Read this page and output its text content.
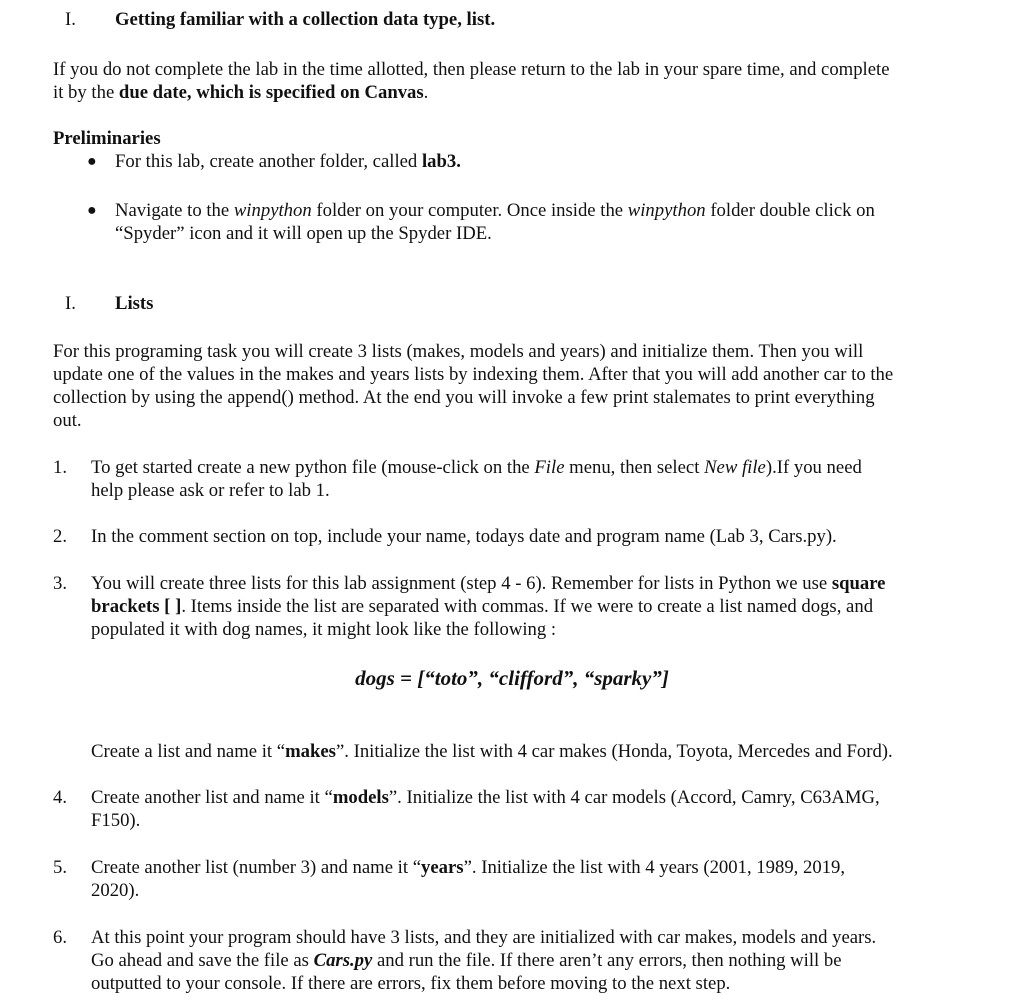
I. Getting familiar with a collection data type, list.

If you do not complete the lab in the time allotted, then please return to the lab in your spare time, and complete

it by the due date, which is specified on Canvas.

Preliminaries
● For this lab, create another folder, called lab3.

● Navigate to the winpython folder on your computer. Once inside the winpython folder double click on

“Spyder” icon and it will open up the Spyder IDE.

I. Lists

For this programing task you will create 3 lists (makes, models and years) and initialize them. Then you will

update one of the values in the makes and years lists by indexing them. After that you will add another car to the

collection by using the append() method. At the end you will invoke a few print stalemates to print everything

out.

1. To get started create a new python file (mouse-click on the File menu, then select New file).If you need

help please ask or refer to lab 1.

2. In the comment section on top, include your name, todays date and program name (Lab 3, Cars.py).

3. You will create three lists for this lab assignment (step 4 - 6). Remember for lists in Python we use square

brackets [ ]. Items inside the list are separated with commas. If we were to create a list named dogs, and

populated it with dog names, it might look like the following :

dogs = [“toto”, “clifford”, “sparky”]

Create a list and name it “makes”. Initialize the list with 4 car makes (Honda, Toyota, Mercedes and Ford).

4. Create another list and name it “models”. Initialize the list with 4 car models (Accord, Camry, C63AMG,

F150).

5. Create another list (number 3) and name it “years”. Initialize the list with 4 years (2001, 1989, 2019,

2020).

6. At this point your program should have 3 lists, and they are initialized with car makes, models and years.

Go ahead and save the file as Cars.py and run the file. If there aren’t any errors, then nothing will be

outputted to your console. If there are errors, fix them before moving to the next step.
